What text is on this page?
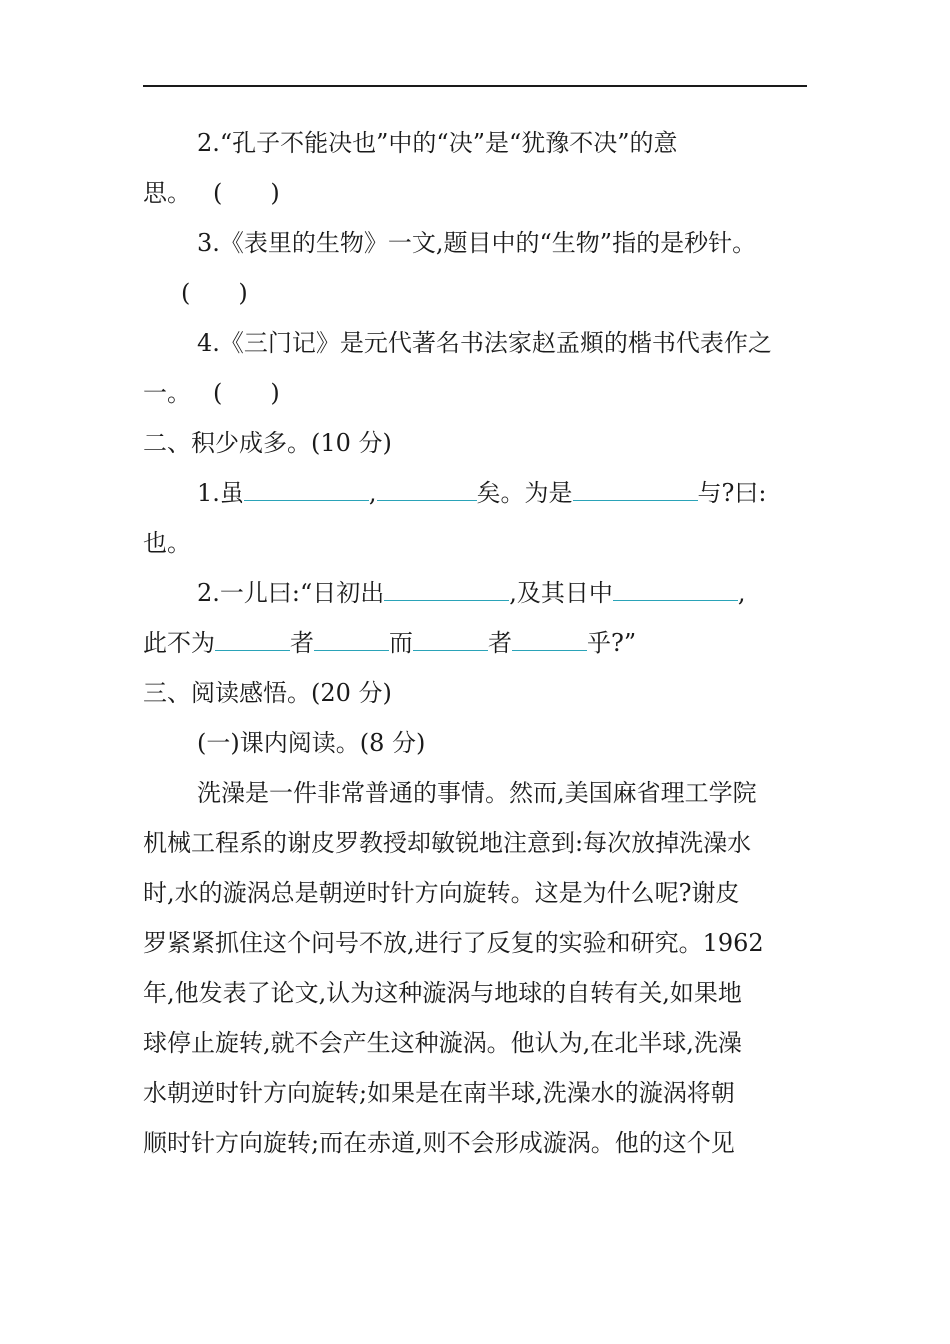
2.“孔子不能决也”中的“决”是“犹豫不决”的意
思。 (　　)
3.《表里的生物》一文,题目中的“生物”指的是秒针。
(　　)
4.《三门记》是元代著名书法家赵孟頫的楷书代表作之
一。 (　　)
二、积少成多。(10 分)
1.虽	,	矣。为是	与?曰:
也。
2.一儿曰:“日初出	,及其日中	,
此不为	者	而	者	乎?”
三、阅读感悟。(20 分)
(一)课内阅读。(8 分)
洗澡是一件非常普通的事情。然而,美国麻省理工学院
机械工程系的谢皮罗教授却敏锐地注意到:每次放掉洗澡水
时,水的漩涡总是朝逆时针方向旋转。这是为什么呢?谢皮
罗紧紧抓住这个问号不放,进行了反复的实验和研究。1962
年,他发表了论文,认为这种漩涡与地球的自转有关,如果地
球停止旋转,就不会产生这种漩涡。他认为,在北半球,洗澡
水朝逆时针方向旋转;如果是在南半球,洗澡水的漩涡将朝
顺时针方向旋转;而在赤道,则不会形成漩涡。他的这个见
